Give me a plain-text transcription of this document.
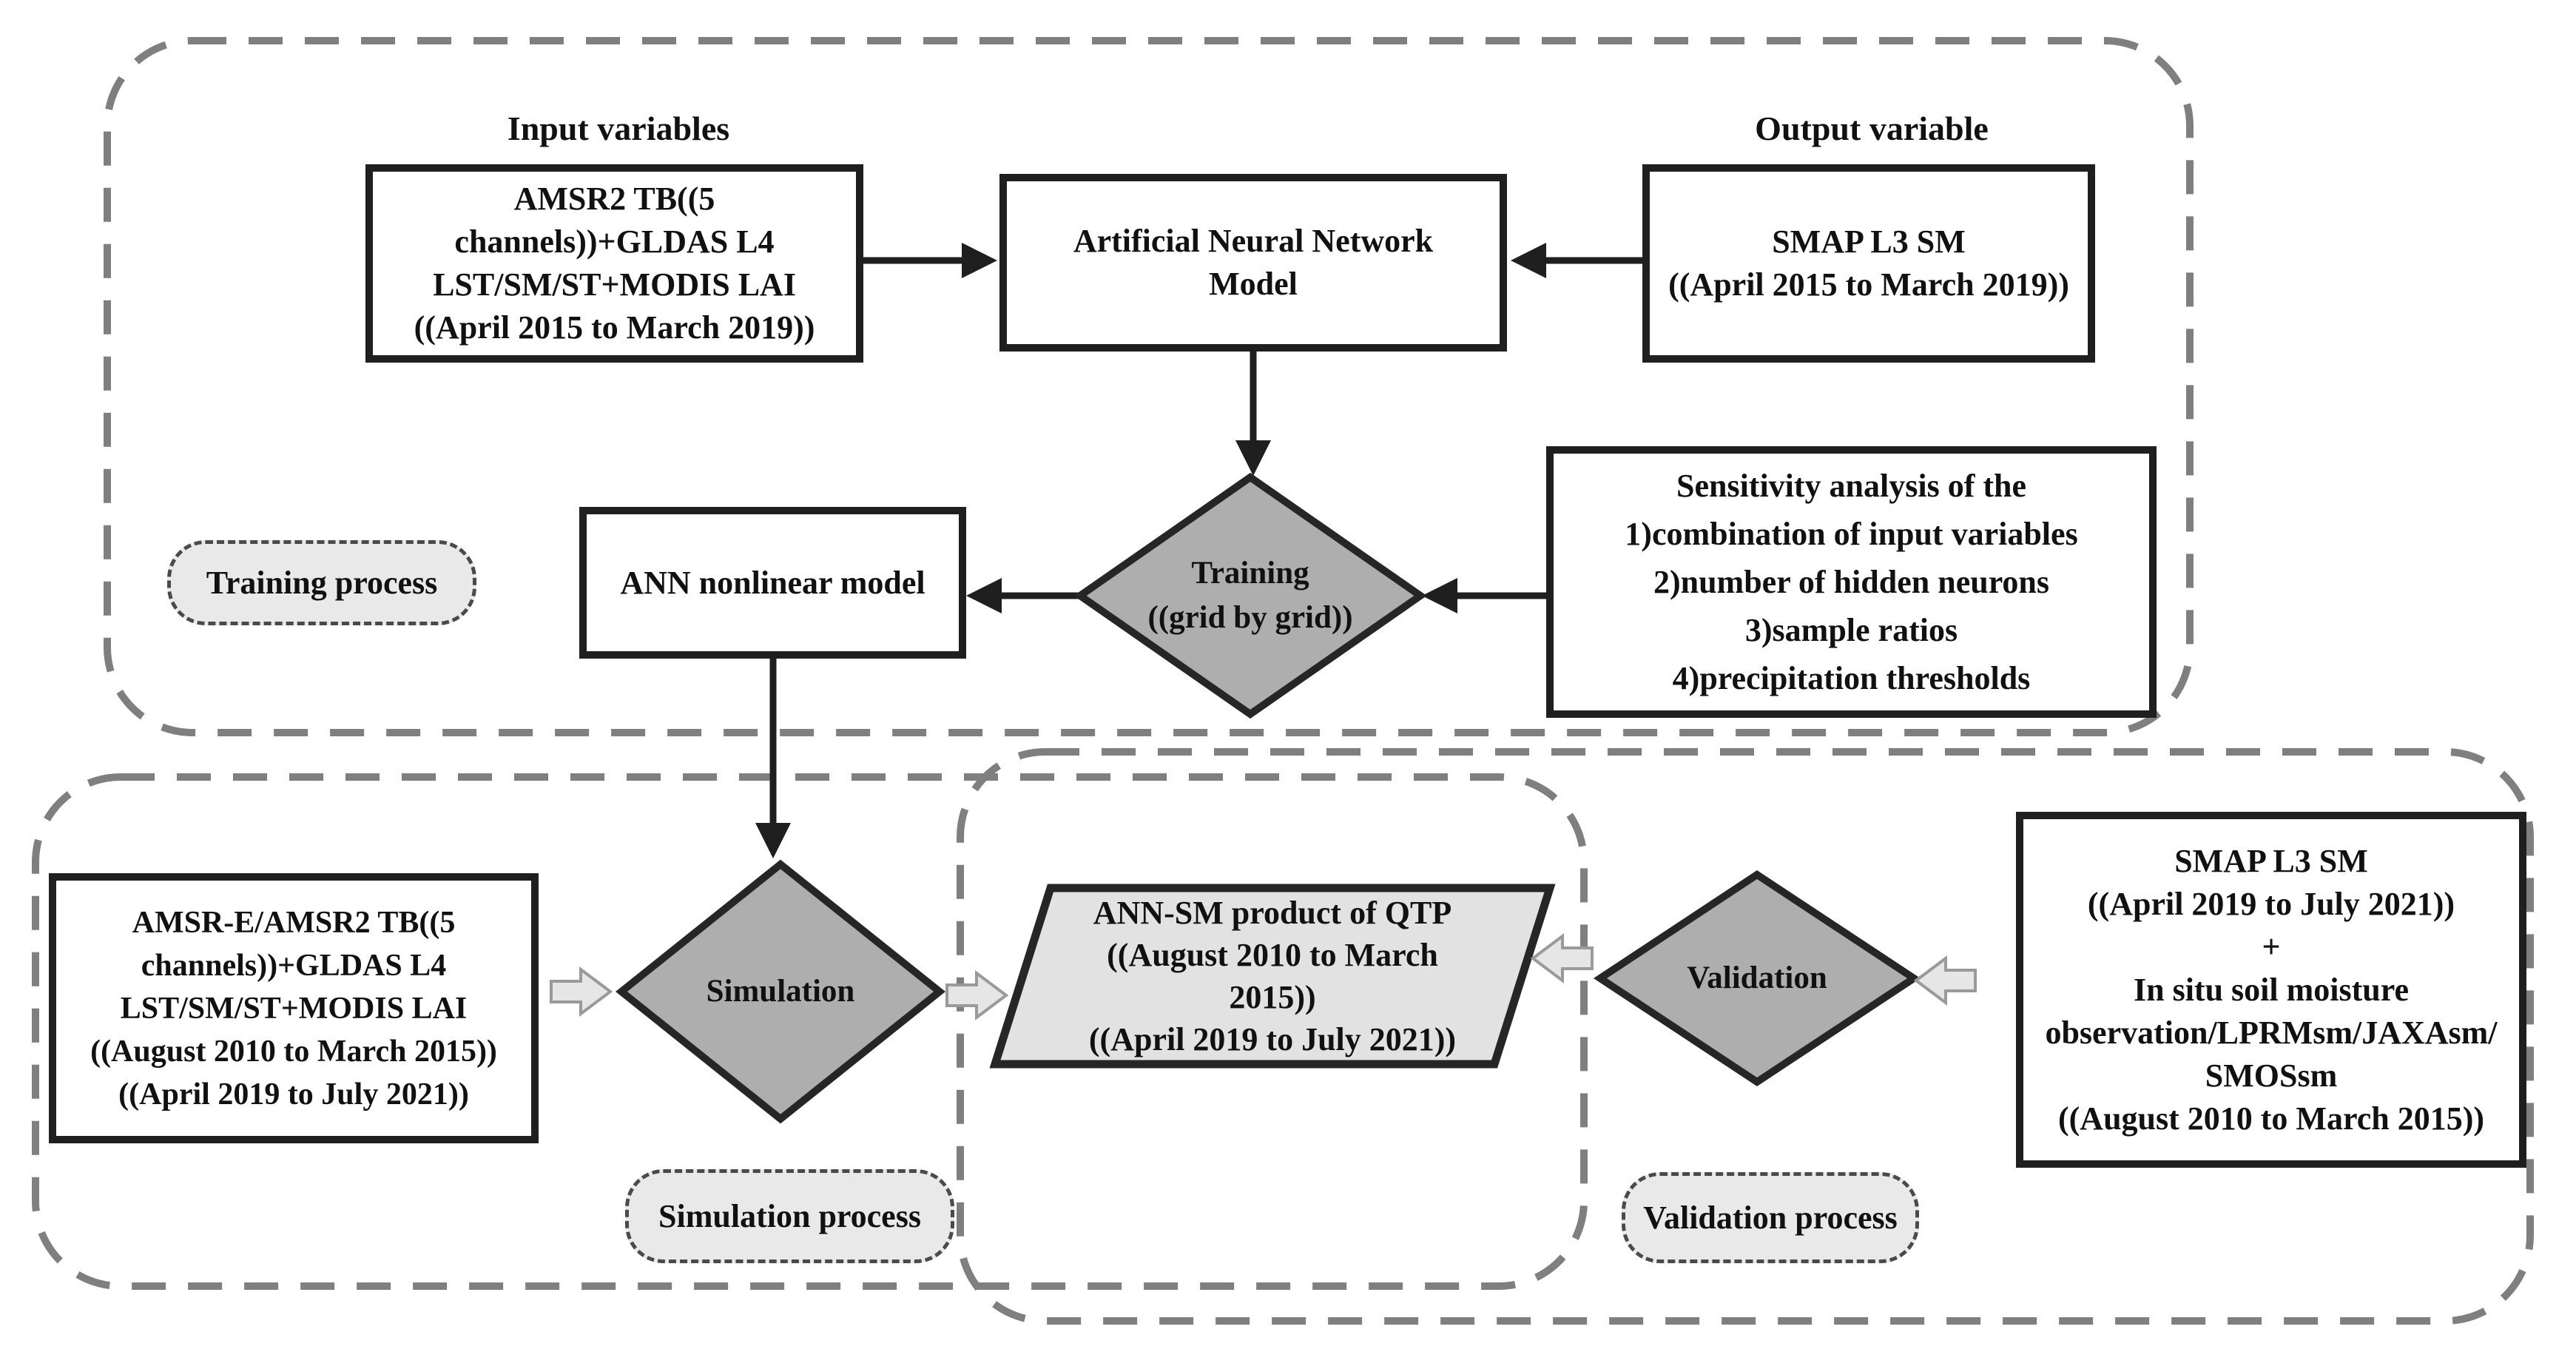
Input variables	Output variable
AMSR2 TB((5
channels))+GLDAS L4
LST/SM/ST+MODIS LAI
((April 2015 to March 2019))
Artificial Neural Network
Model
SMAP L3 SM
((April 2015 to March 2019))
Sensitivity analysis of the
1)combination of input variables
2)number of hidden neurons
3)sample ratios
4)precipitation thresholds
ANN nonlinear model
AMSR-E/AMSR2 TB((5
channels))+GLDAS L4
LST/SM/ST+MODIS LAI
((August 2010 to March 2015))
((April 2019 to July 2021))
SMAP L3 SM
((April 2019 to July 2021))
+
In situ soil moisture
observation/LPRMsm/JAXAsm/
SMOSsm
((August 2010 to March 2015))
Training
((grid by grid))
Simulation	Validation
ANN-SM product of QTP
((August 2010 to March
2015))
((April 2019 to July 2021))
Training process
Simulation process	Validation process
